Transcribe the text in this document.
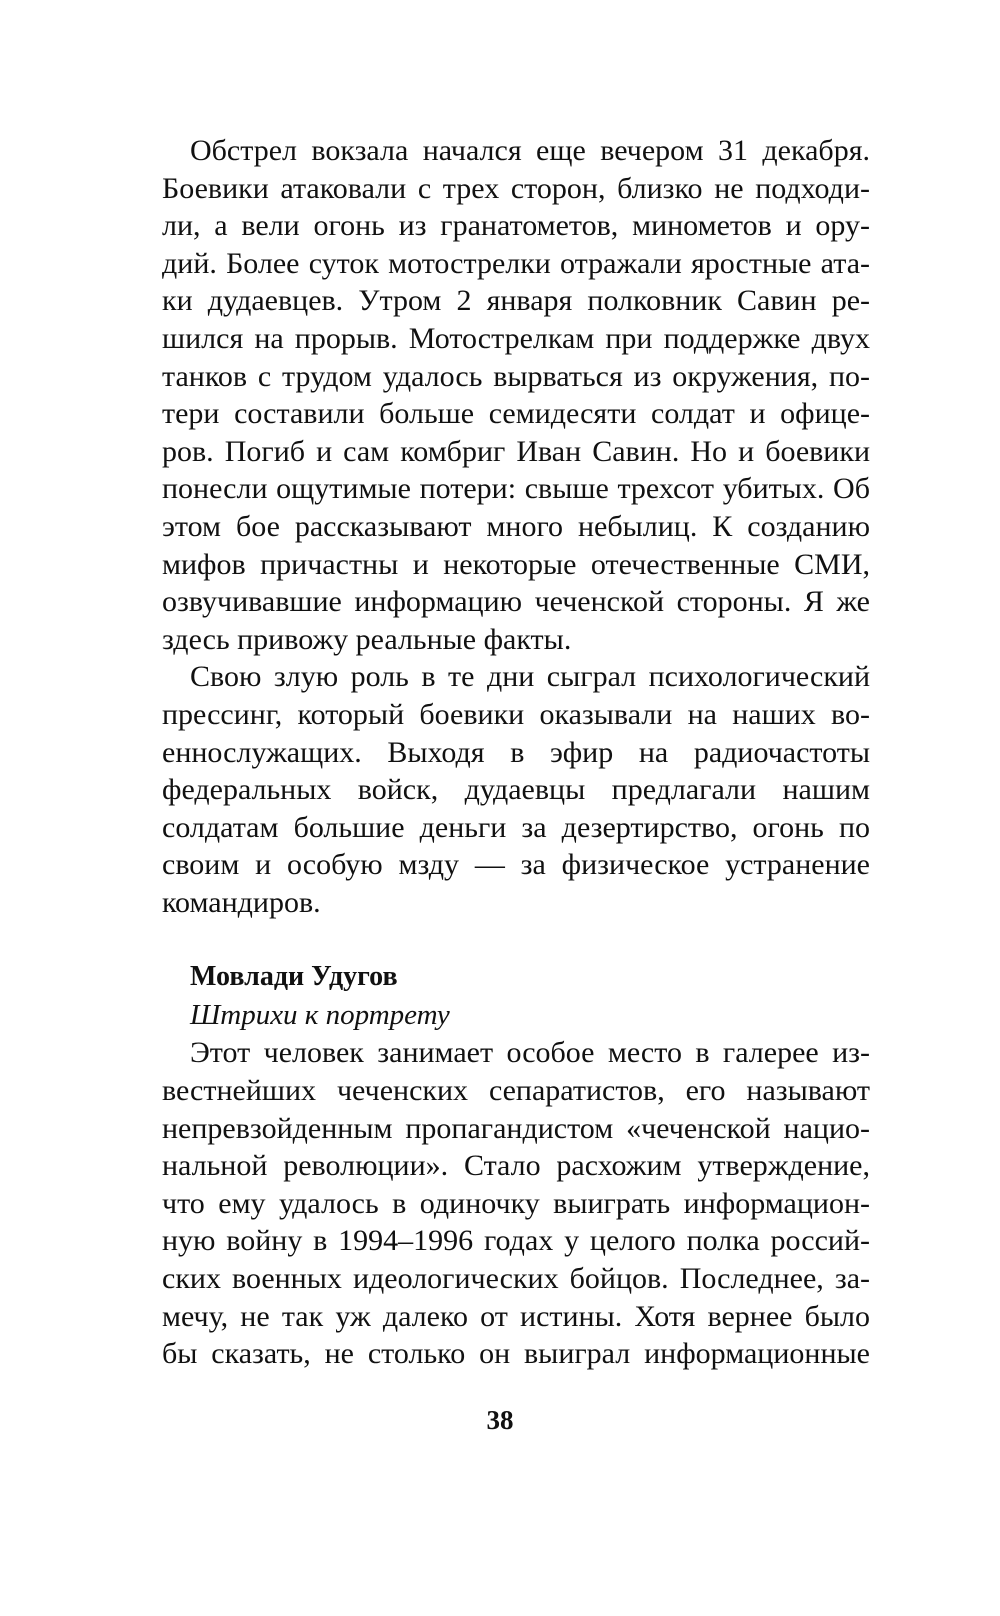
Обстрел вокзала начался еще вечером 31 декабря.
Боевики атаковали с трех сторон, близко не подходи-
ли, а вели огонь из гранатометов, минометов и ору-
дий. Более суток мотострелки отражали яростные ата-
ки дудаевцев. Утром 2 января полковник Савин ре-
шился на прорыв. Мотострелкам при поддержке двух
танков с трудом удалось вырваться из окружения, по-
тери составили больше семидесяти солдат и офице-
ров. Погиб и сам комбриг Иван Савин. Но и боевики
понесли ощутимые потери: свыше трехсот убитых. Об
этом бое рассказывают много небылиц. К созданию
мифов причастны и некоторые отечественные СМИ,
озвучивавшие информацию чеченской стороны. Я же
здесь привожу реальные факты.
Свою злую роль в те дни сыграл психологический
прессинг, который боевики оказывали на наших во-
еннослужащих. Выходя в эфир на радиочастоты
федеральных войск, дудаевцы предлагали нашим
солдатам большие деньги за дезертирство, огонь по
своим и особую мзду — за физическое устранение
командиров.
Мовлади Удугов
Штрихи к портрету
Этот человек занимает особое место в галерее из-
вестнейших чеченских сепаратистов, его называют
непревзойденным пропагандистом «чеченской нацио-
нальной революции». Стало расхожим утверждение,
что ему удалось в одиночку выиграть информацион-
ную войну в 1994–1996 годах у целого полка россий-
ских военных идеологических бойцов. Последнее, за-
мечу, не так уж далеко от истины. Хотя вернее было
бы сказать, не столько он выиграл информационные
38
